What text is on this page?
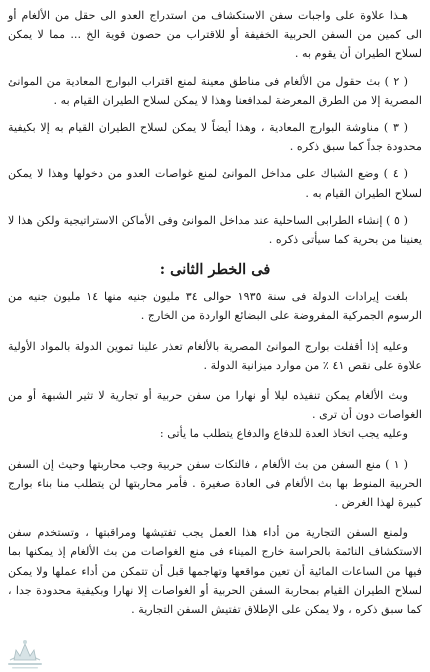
هـذا علاوة على واجبات سفن الاستكشاف من استدراج العدو الى حقل من الألغام أو الى كمين من السفن الحربية الخفيفة أو للاقتراب من حصون قوية الخ ... مما لا يمكن لسلاح الطيران أن يقوم به .

( ٢ ) بث حقول من الألغام فى مناطق معينة لمنع اقتراب البوارج المعادية من الموانئ المصرية إلا من الطرق المعرضة لمدافعنا وهذا لا يمكن لسلاح الطيران القيام به .

( ٣ ) مناوشة البوارج المعادية ، وهذا أيضاً لا يمكن لسلاح الطيران القيام به إلا بكيفية محدودة جداً كما سبق ذكره .

( ٤ ) وضع الشباك على مداخل الموانئ لمنع غواصات العدو من دخولها وهذا لا يمكن لسلاح الطيران القيام به .

( ٥ ) إنشاء الطرابى الساحلية عند مداخل الموانئ وفى الأماكن الاستراتيجية ولكن هذا لا يعنينا من بحرية كما سيأتى ذكره .

فى الخطر الثانى :

بلغت إيرادات الدولة فى سنة ١٩٣٥ حوالى ٣٤ مليون جنيه منها ١٤ مليون جنيه من الرسوم الجمركية المفروضة على البضائع الواردة من الخارج .

وعليه إذا أقفلت بوارج الموانئ المصرية بالألغام تعذر علينا تموين الدولة بالمواد الأولية علاوة على نقص ٤١ ٪ من موارد ميزانية الدولة .

وبث الألغام يمكن تنفيذه ليلا أو نهارا من سفن حربية أو تجارية لا تثير الشبهة أو من الغواصات دون أن ترى .

وعليه يجب اتخاذ العدة للدفاع والدفاع يتطلب ما يأتى :

( ١ ) منع السفن من بث الألغام ، فالتكات سفن حربية وجب محاربتها وحيث إن السفن الحربية المنوط بها بث الألغام فى العادة صغيرة . فأمر محاربتها لن يتطلب منا بناء بوارج كبيرة لهذا الغرض .

ولمنع السفن التجارية من أداء هذا العمل يجب تفتيشها ومراقبتها ، وتستخدم سفن الاستكشاف النائمة بالحراسة خارج الميناء فى منع الغواصات من بث الألغام إذ يمكنها بما فيها من الساعات المائية أن تعين مواقعها وتهاجمها قبل أن تتمكن من أداء عملها ولا يمكن لسلاح الطيران القيام بمحاربة السفن الحربية أو الغواصات إلا نهارا وبكيفية محدودة جدا ، كما سبق ذكره ، ولا يمكن على الإطلاق تفتيش السفن التجارية .
